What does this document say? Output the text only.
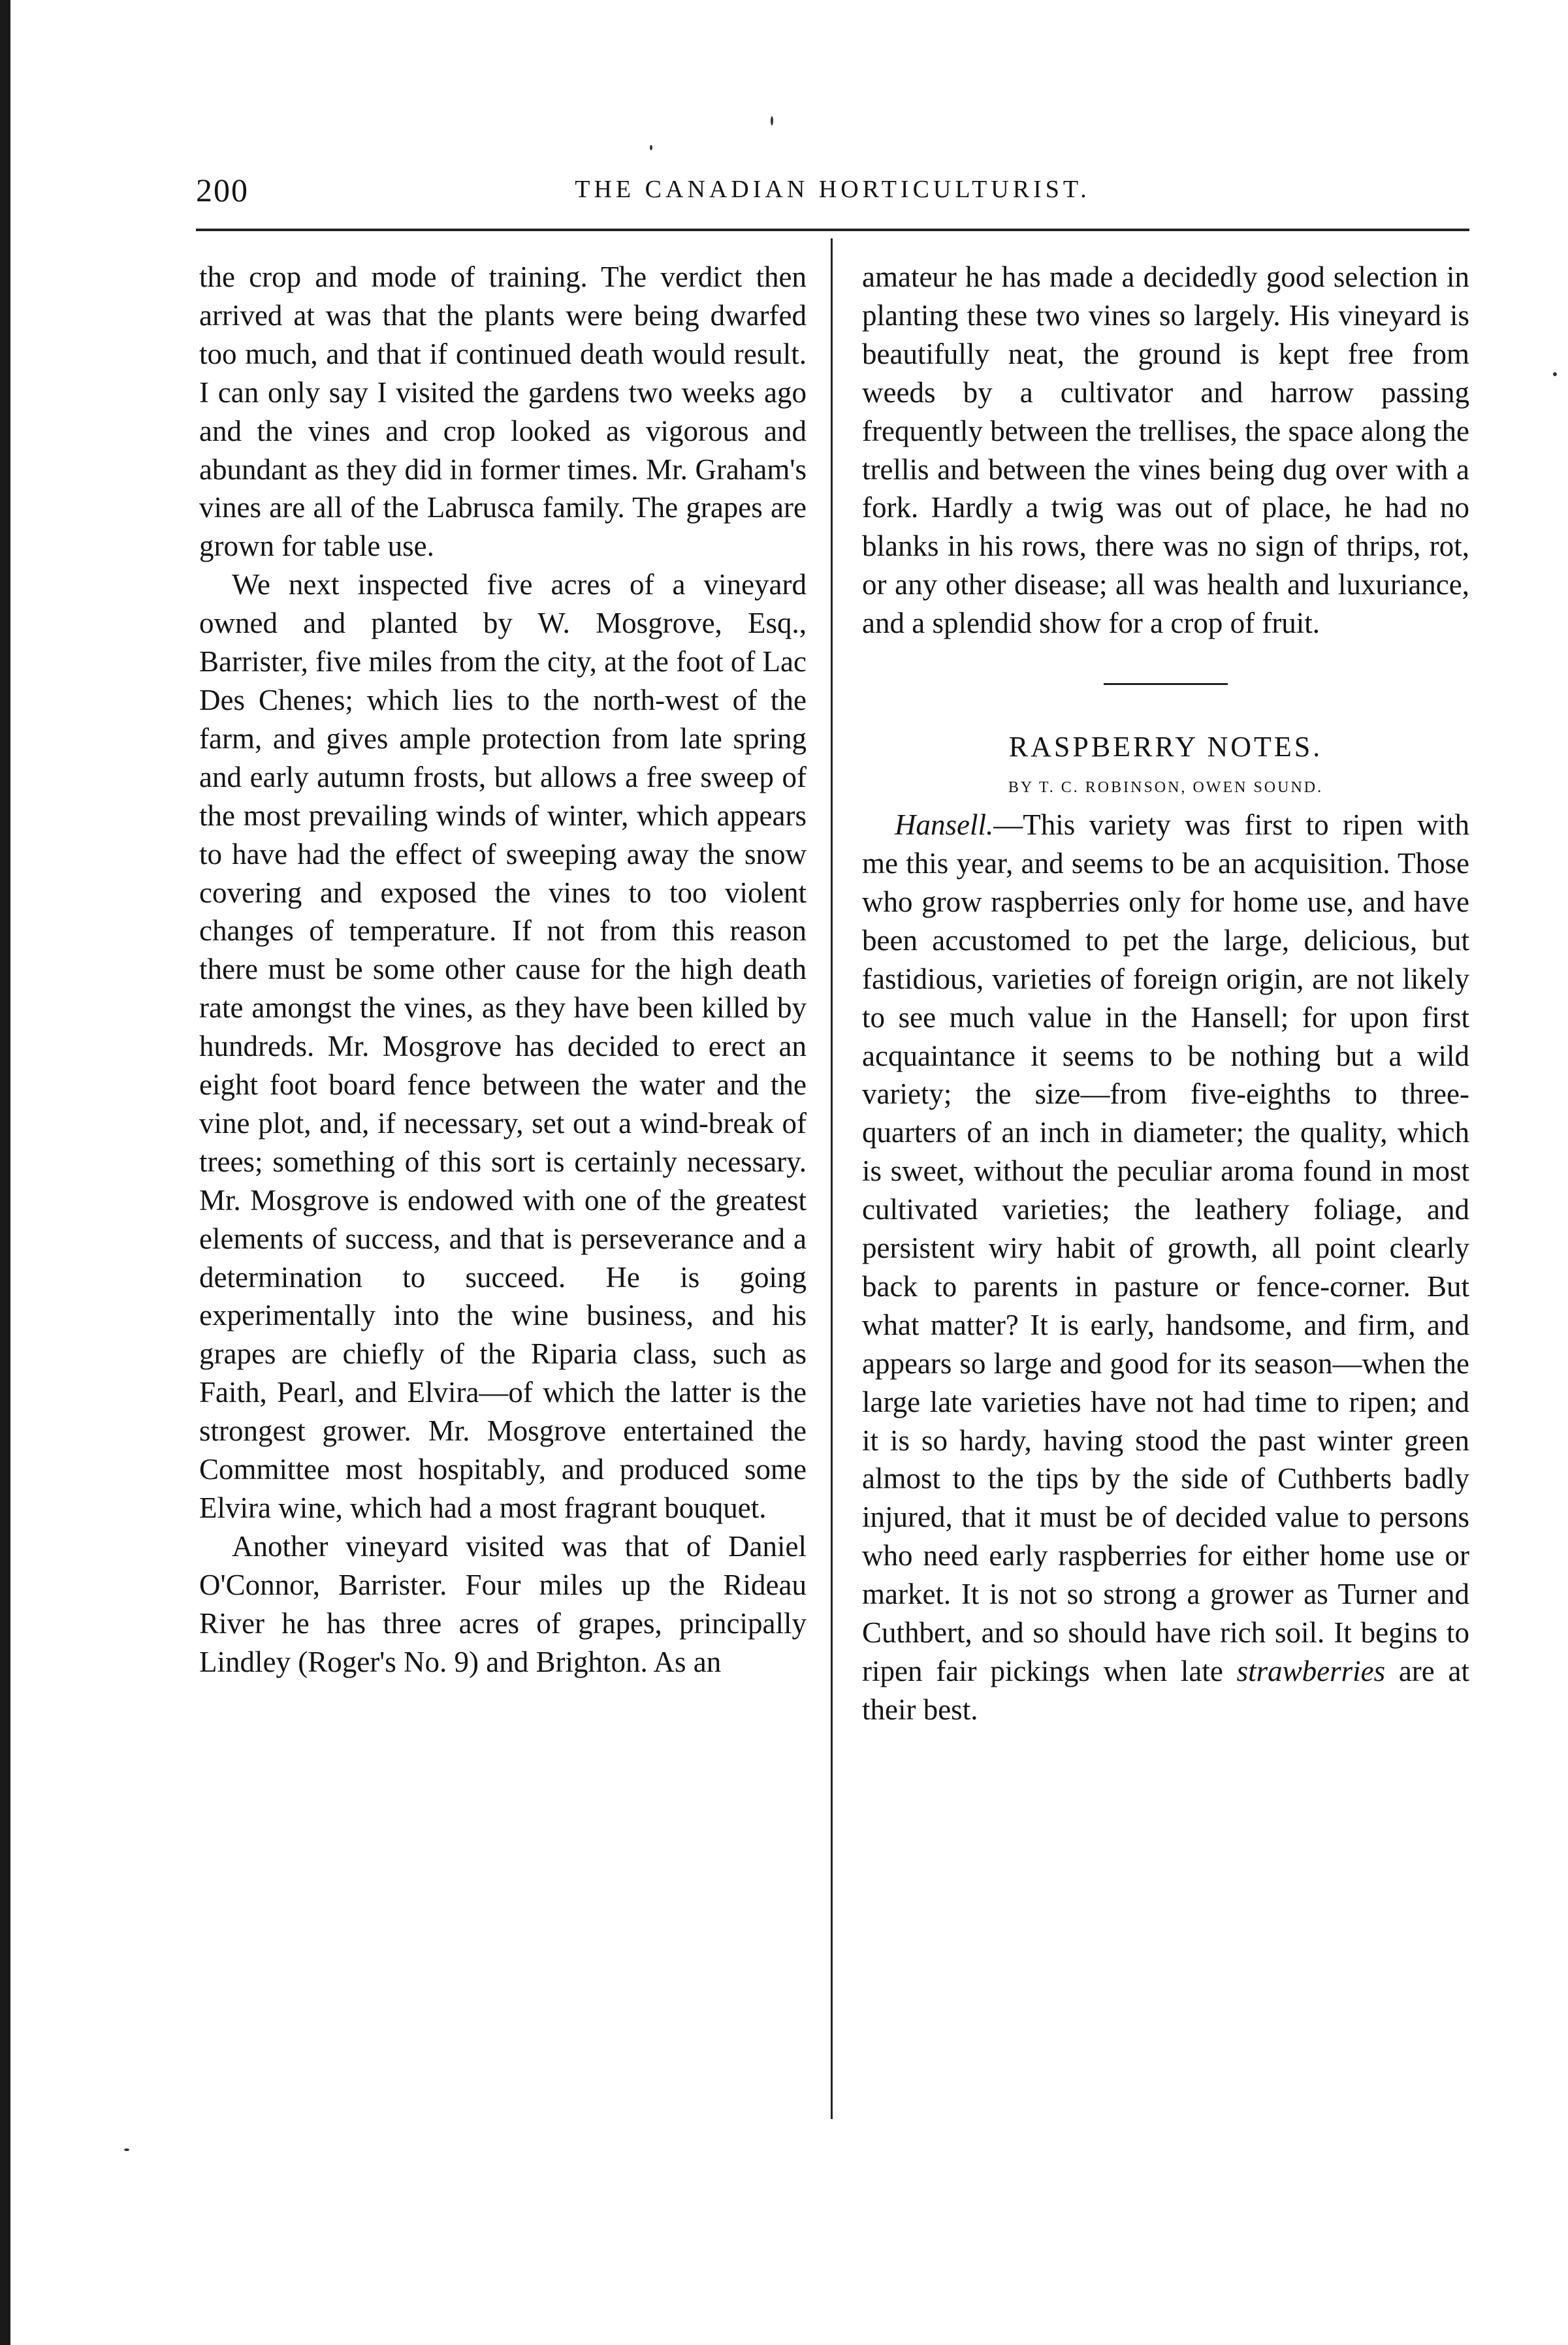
200	THE CANADIAN HORTICULTURIST.

the crop and mode of training. The verdict then arrived at was that the plants were being dwarfed too much, and that if continued death would result. I can only say I visited the gardens two weeks ago and the vines and crop looked as vigorous and abundant as they did in former times. Mr. Graham's vines are all of the Labrusca family. The grapes are grown for table use.

We next inspected five acres of a vineyard owned and planted by W. Mosgrove, Esq., Barrister, five miles from the city, at the foot of Lac Des Chenes; which lies to the north-west of the farm, and gives ample protection from late spring and early autumn frosts, but allows a free sweep of the most prevailing winds of winter, which appears to have had the effect of sweeping away the snow covering and exposed the vines to too violent changes of temperature. If not from this reason there must be some other cause for the high death rate amongst the vines, as they have been killed by hundreds. Mr. Mosgrove has decided to erect an eight foot board fence between the water and the vine plot, and, if necessary, set out a wind-break of trees; something of this sort is certainly necessary. Mr. Mosgrove is endowed with one of the greatest elements of success, and that is perseverance and a determination to succeed. He is going experimentally into the wine business, and his grapes are chiefly of the Riparia class, such as Faith, Pearl, and Elvira—of which the latter is the strongest grower. Mr. Mosgrove entertained the Committee most hospitably, and produced some Elvira wine, which had a most fragrant bouquet.

Another vineyard visited was that of Daniel O'Connor, Barrister. Four miles up the Rideau River he has three acres of grapes, principally Lindley (Roger's No. 9) and Brighton. As an

amateur he has made a decidedly good selection in planting these two vines so largely. His vineyard is beautifully neat, the ground is kept free from weeds by a cultivator and harrow passing frequently between the trellises, the space along the trellis and between the vines being dug over with a fork. Hardly a twig was out of place, he had no blanks in his rows, there was no sign of thrips, rot, or any other disease; all was health and luxuriance, and a splendid show for a crop of fruit.

RASPBERRY NOTES.
BY T. C. ROBINSON, OWEN SOUND.

Hansell.—This variety was first to ripen with me this year, and seems to be an acquisition. Those who grow raspberries only for home use, and have been accustomed to pet the large, delicious, but fastidious, varieties of foreign origin, are not likely to see much value in the Hansell; for upon first acquaintance it seems to be nothing but a wild variety; the size—from five-eighths to three-quarters of an inch in diameter; the quality, which is sweet, without the peculiar aroma found in most cultivated varieties; the leathery foliage, and persistent wiry habit of growth, all point clearly back to parents in pasture or fence-corner. But what matter? It is early, handsome, and firm, and appears so large and good for its season—when the large late varieties have not had time to ripen; and it is so hardy, having stood the past winter green almost to the tips by the side of Cuthberts badly injured, that it must be of decided value to persons who need early raspberries for either home use or market. It is not so strong a grower as Turner and Cuthbert, and so should have rich soil. It begins to ripen fair pickings when late strawberries are at their best.
